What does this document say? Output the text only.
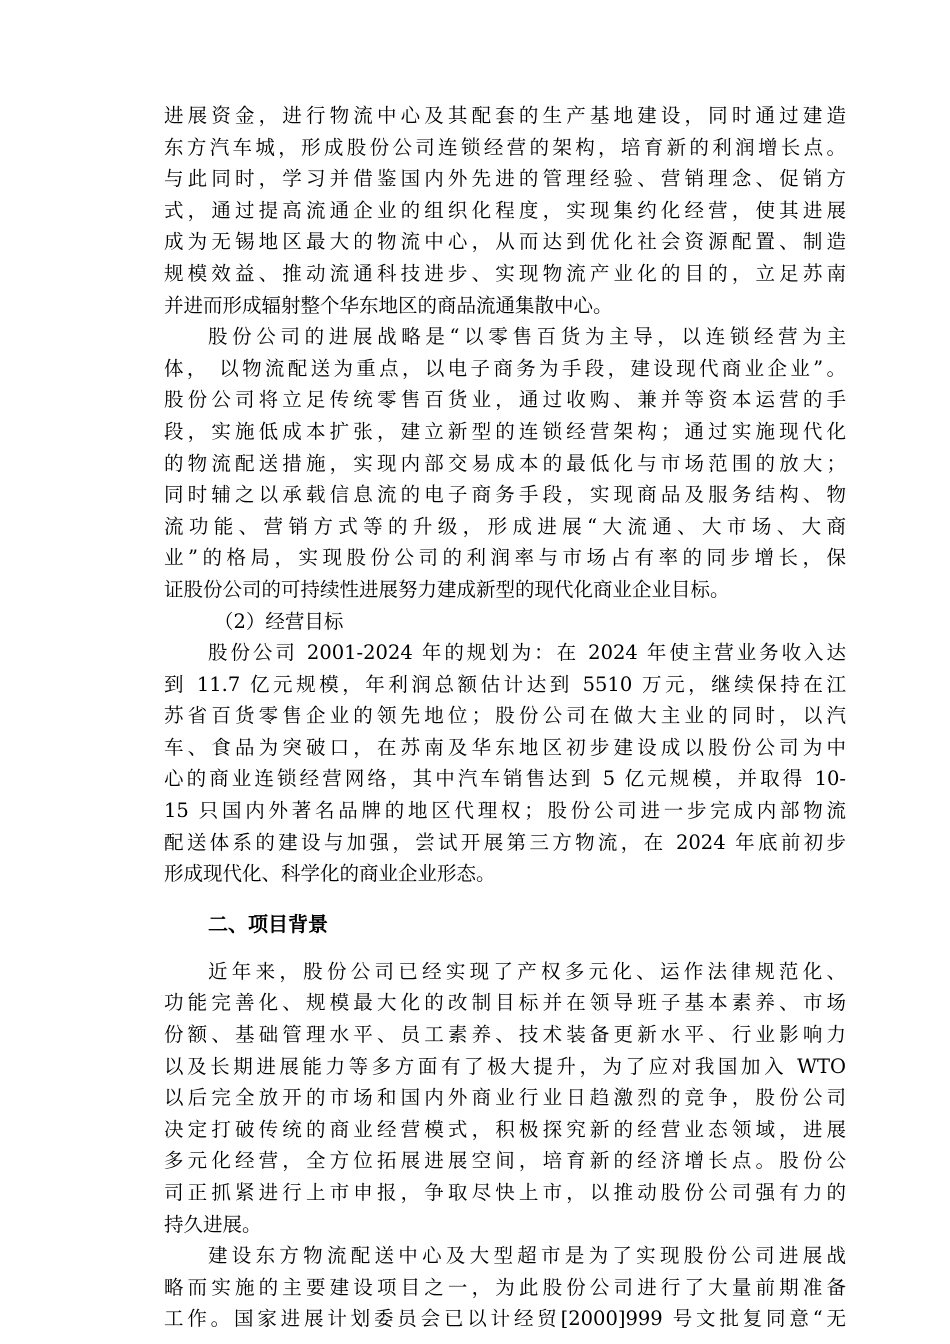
进展资金，进行物流中心及其配套的生产基地建设，同时通过建造
东方汽车城，形成股份公司连锁经营的架构，培育新的利润增长点。
与此同时，学习并借鉴国内外先进的管理经验、营销理念、促销方
式，通过提高流通企业的组织化程度，实现集约化经营，使其进展
成为无锡地区最大的物流中心，从而达到优化社会资源配置、制造
规模效益、推动流通科技进步、实现物流产业化的目的，立足苏南
并进而形成辐射整个华东地区的商品流通集散中心。
股份公司的进展战略是“以零售百货为主导，以连锁经营为主
体， 以物流配送为重点，以电子商务为手段，建设现代商业企业”。
股份公司将立足传统零售百货业，通过收购、兼并等资本运营的手
段，实施低成本扩张，建立新型的连锁经营架构；通过实施现代化
的物流配送措施，实现内部交易成本的最低化与市场范围的放大；
同时辅之以承载信息流的电子商务手段，实现商品及服务结构、物
流功能、营销方式等的升级，形成进展“大流通、大市场、大商
业”的格局，实现股份公司的利润率与市场占有率的同步增长，保
证股份公司的可持续性进展努力建成新型的现代化商业企业目标。
（2）经营目标
股份公司 2001-2024 年的规划为：在 2024 年使主营业务收入达
到 11.7 亿元规模，年利润总额估计达到 5510 万元，继续保持在江
苏省百货零售企业的领先地位；股份公司在做大主业的同时，以汽
车、食品为突破口，在苏南及华东地区初步建设成以股份公司为中
心的商业连锁经营网络，其中汽车销售达到 5 亿元规模，并取得 10-
15 只国内外著名品牌的地区代理权；股份公司进一步完成内部物流
配送体系的建设与加强，尝试开展第三方物流，在 2024 年底前初步
形成现代化、科学化的商业企业形态。
二、项目背景
近年来，股份公司已经实现了产权多元化、运作法律规范化、
功能完善化、规模最大化的改制目标并在领导班子基本素养、市场
份额、基础管理水平、员工素养、技术装备更新水平、行业影响力
以及长期进展能力等多方面有了极大提升，为了应对我国加入 WTO
以后完全放开的市场和国内外商业行业日趋激烈的竞争，股份公司
决定打破传统的商业经营模式，积极探究新的经营业态领域，进展
多元化经营，全方位拓展进展空间，培育新的经济增长点。股份公
司正抓紧进行上市申报，争取尽快上市，以推动股份公司强有力的
持久进展。
建设东方物流配送中心及大型超市是为了实现股份公司进展战
略而实施的主要建设项目之一，为此股份公司进行了大量前期准备
工作。国家进展计划委员会已以计经贸[2000]999 号文批复同意“无
